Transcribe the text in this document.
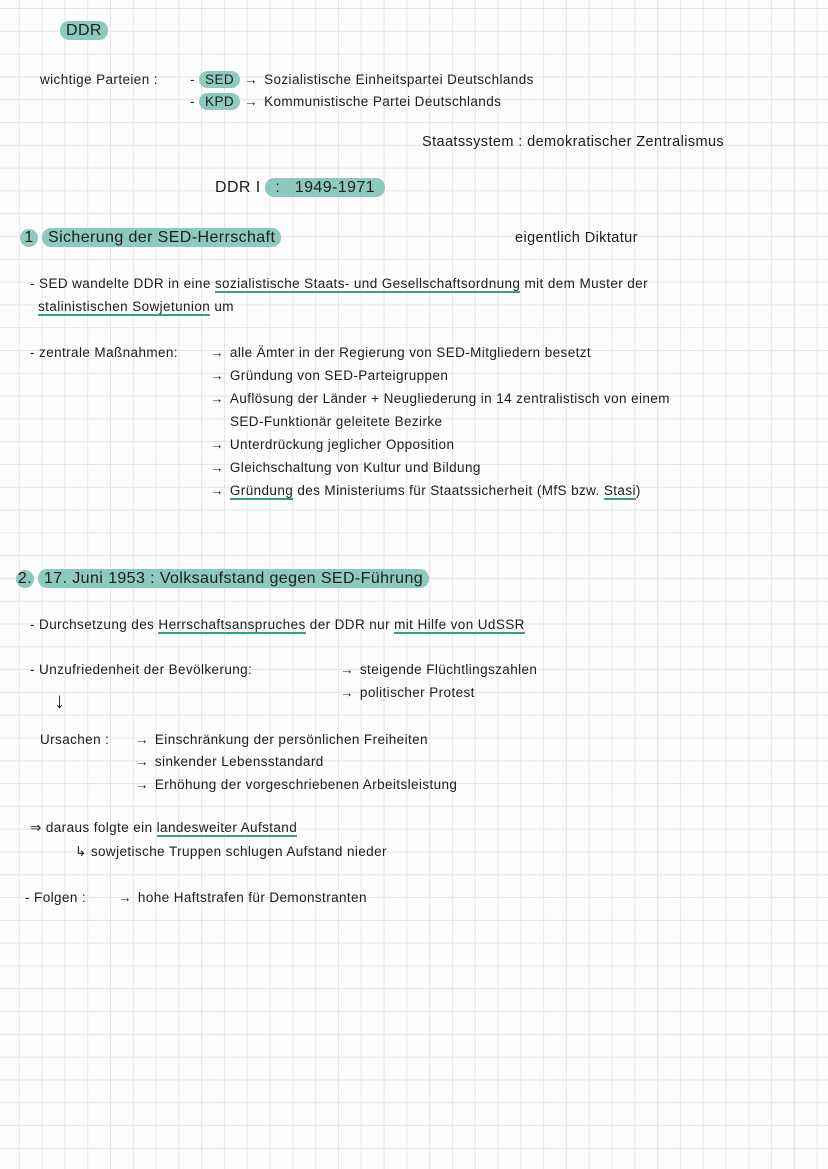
DDR
wichtige Parteien : - SED → Sozialistische Einheitspartei Deutschlands
- KPD → Kommunistische Partei Deutschlands
Staatssystem : demokratischer Zentralismus
DDR I : 1949-1971
1 Sicherung der SED-Herrschaft	eigentlich Diktatur
- SED wandelte DDR in eine sozialistische Staats- und Gesellschaftsordnung mit dem Muster der
stalinistischen Sowjetunion um
- zentrale Maßnahmen: → alle Ämter in der Regierung von SED-Mitgliedern besetzt
→ Gründung von SED-Parteigruppen
→ Auflösung der Länder + Neugliederung in 14 zentralistisch von einem
SED-Funktionär geleitete Bezirke
→ Unterdrückung jeglicher Opposition
→ Gleichschaltung von Kultur und Bildung
→ Gründung des Ministeriums für Staatssicherheit (MfS bzw. Stasi)
2. 17. Juni 1953 : Volksaufstand gegen SED-Führung
- Durchsetzung des Herrschaftsanspruches der DDR nur mit Hilfe von UdSSR
- Unzufriedenheit der Bevölkerung:	→ steigende Flüchtlingszahlen
→ politischer Protest
↓
Ursachen : → Einschränkung der persönlichen Freiheiten
→ sinkender Lebensstandard
→ Erhöhung der vorgeschriebenen Arbeitsleistung
⇒ daraus folgte ein landesweiter Aufstand
↳ sowjetische Truppen schlugen Aufstand nieder
- Folgen : → hohe Haftstrafen für Demonstranten
